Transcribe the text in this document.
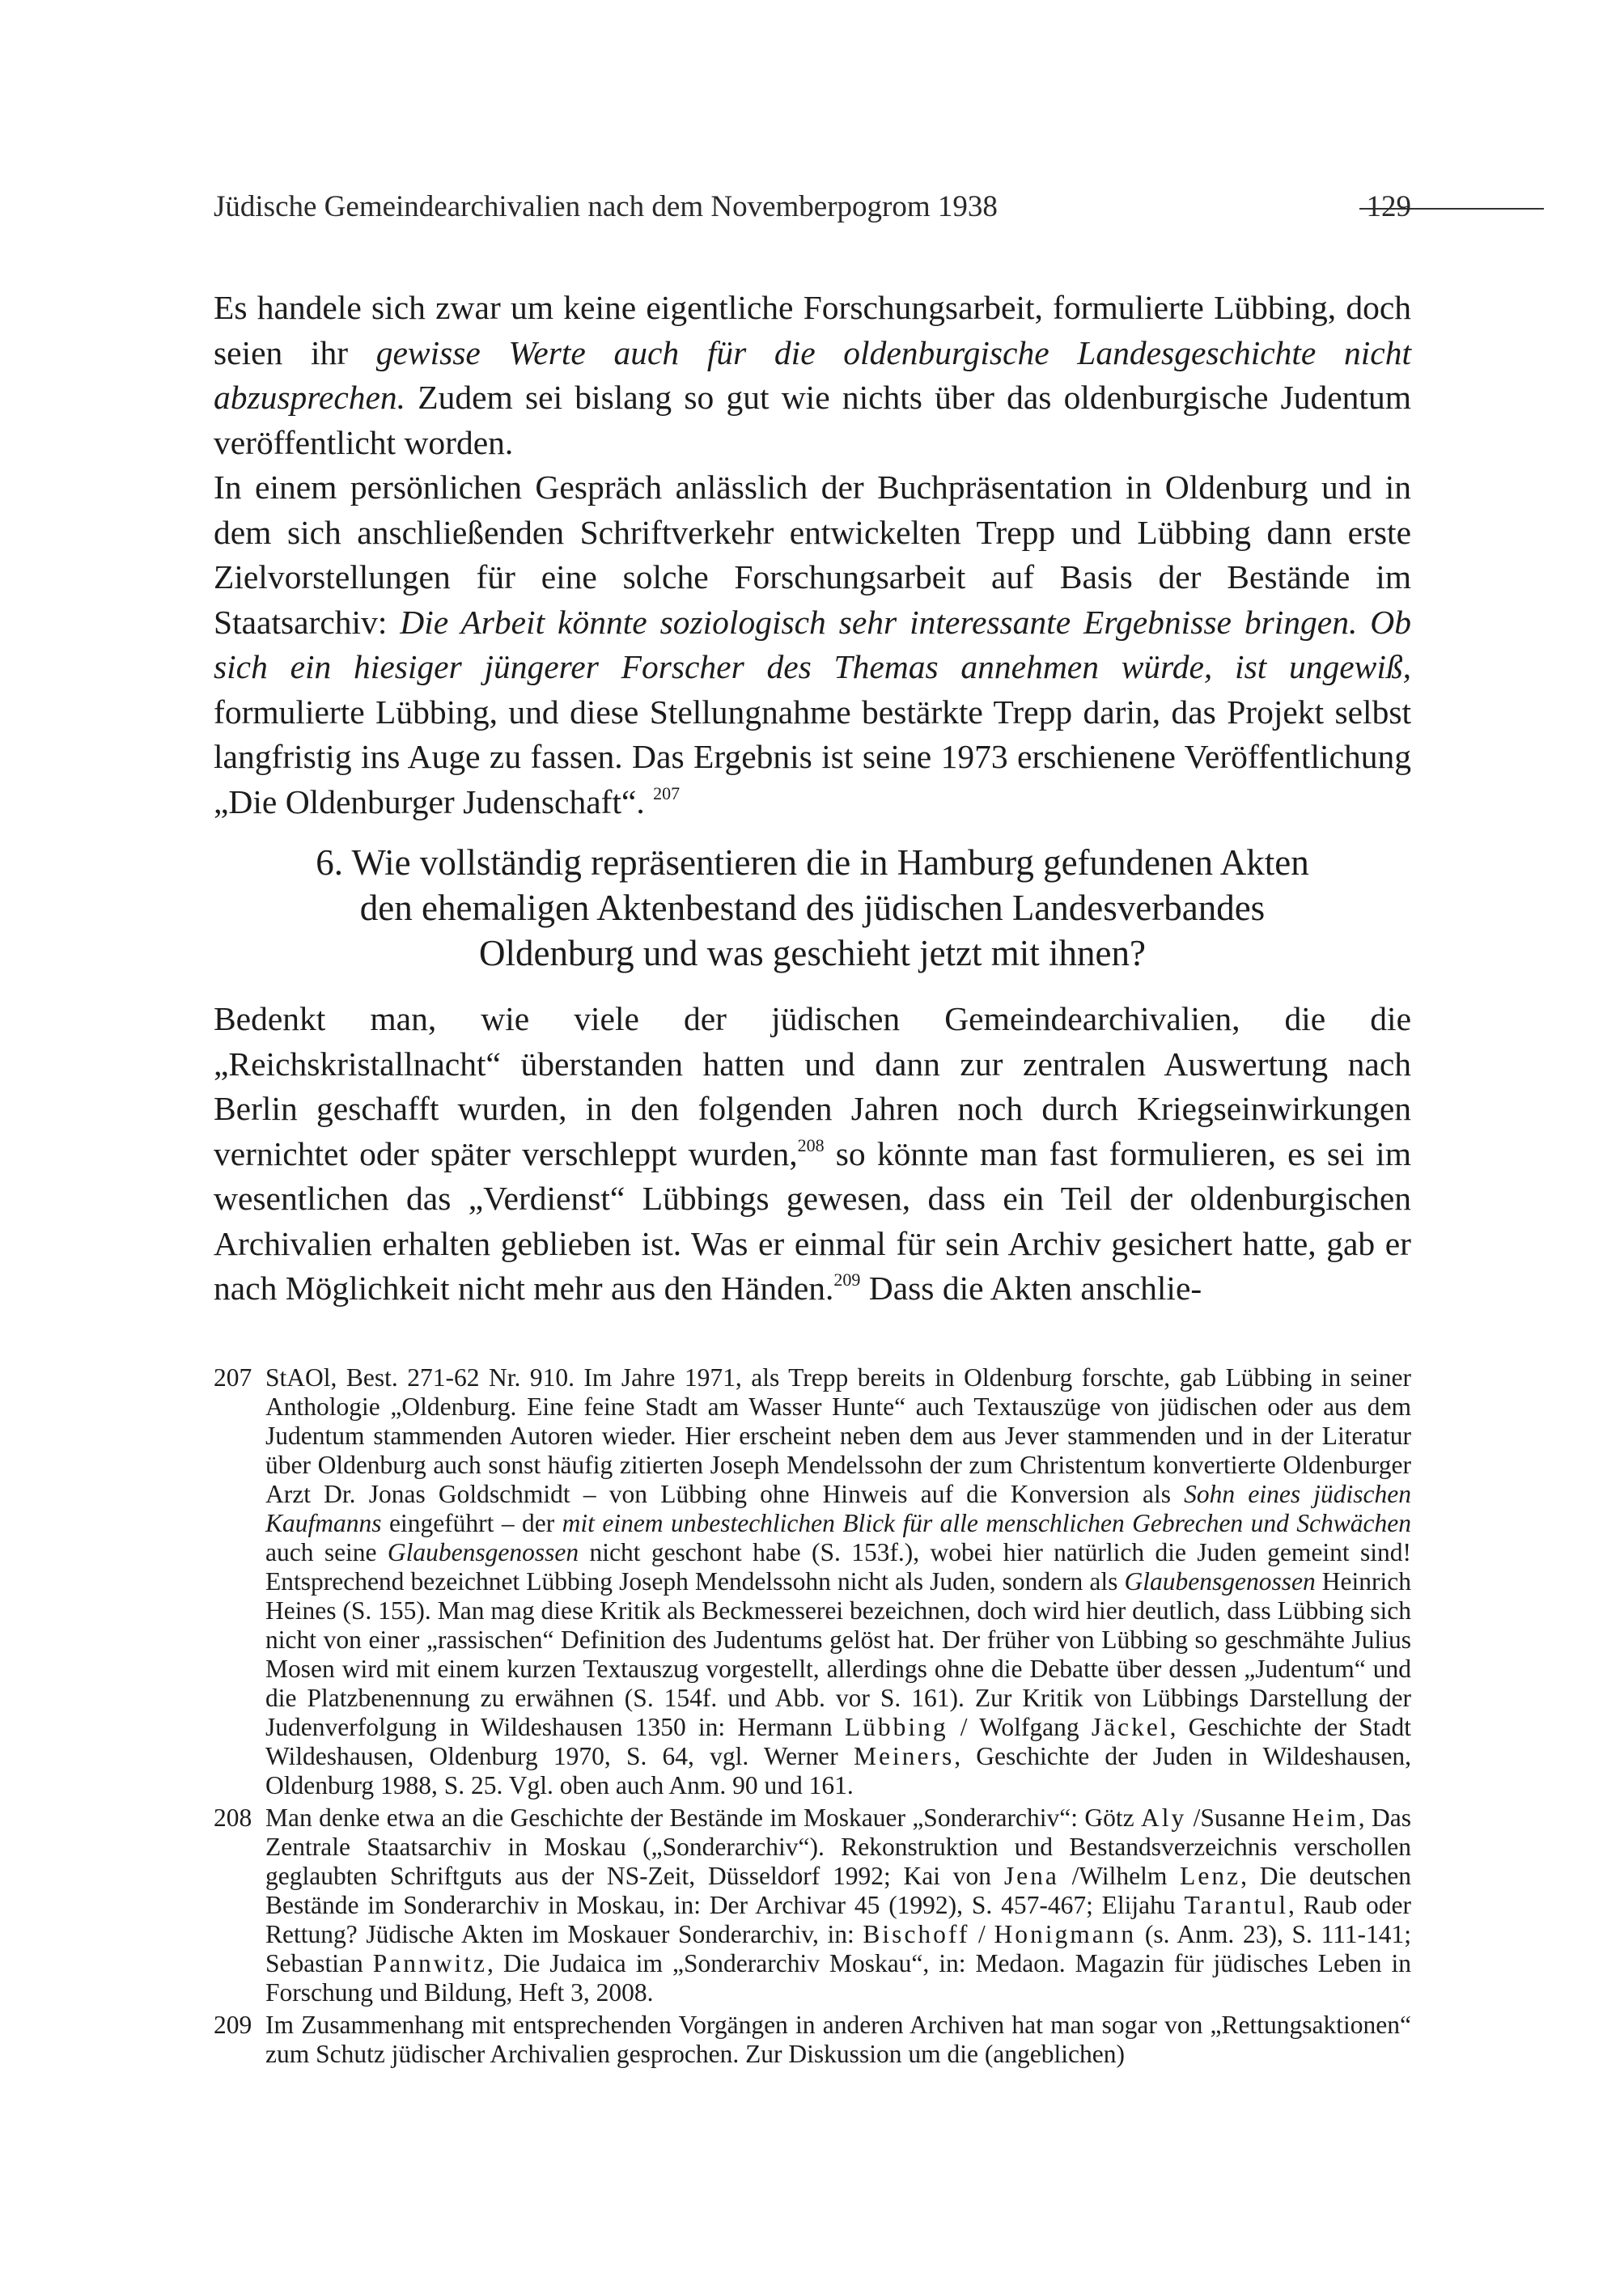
Jüdische Gemeindearchivalien nach dem Novemberpogrom 1938	129

Es handele sich zwar um keine eigentliche Forschungsarbeit, formulierte Lübbing, doch seien ihr gewisse Werte auch für die oldenburgische Landesgeschichte nicht abzusprechen. Zudem sei bislang so gut wie nichts über das oldenburgische Judentum veröffentlicht worden.

In einem persönlichen Gespräch anlässlich der Buchpräsentation in Oldenburg und in dem sich anschließenden Schriftverkehr entwickelten Trepp und Lübbing dann erste Zielvorstellungen für eine solche Forschungsarbeit auf Basis der Bestände im Staatsarchiv: Die Arbeit könnte soziologisch sehr interessante Ergebnisse bringen. Ob sich ein hiesiger jüngerer Forscher des Themas annehmen würde, ist ungewiß, formulierte Lübbing, und diese Stellungnahme bestärkte Trepp darin, das Projekt selbst langfristig ins Auge zu fassen. Das Ergebnis ist seine 1973 erschienene Veröffentlichung „Die Oldenburger Judenschaft“. $^{207}$

6. Wie vollständig repräsentieren die in Hamburg gefundenen Akten
den ehemaligen Aktenbestand des jüdischen Landesverbandes
Oldenburg und was geschieht jetzt mit ihnen?

Bedenkt man, wie viele der jüdischen Gemeindearchivalien, die die „Reichskristallnacht“ überstanden hatten und dann zur zentralen Auswertung nach Berlin geschafft wurden, in den folgenden Jahren noch durch Kriegseinwirkungen vernichtet oder später verschleppt wurden,$^{208}$ so könnte man fast formulieren, es sei im wesentlichen das „Verdienst“ Lübbings gewesen, dass ein Teil der oldenburgischen Archivalien erhalten geblieben ist. Was er einmal für sein Archiv gesichert hatte, gab er nach Möglichkeit nicht mehr aus den Händen.$^{209}$ Dass die Akten anschlie-

207 StAOl, Best. 271-62 Nr. 910. Im Jahre 1971, als Trepp bereits in Oldenburg forschte, gab Lübbing in seiner Anthologie „Oldenburg. Eine feine Stadt am Wasser Hunte“ auch Textauszüge von jüdischen oder aus dem Judentum stammenden Autoren wieder. Hier erscheint neben dem aus Jever stammenden und in der Literatur über Oldenburg auch sonst häufig zitierten Joseph Mendelssohn der zum Christentum konvertierte Oldenburger Arzt Dr. Jonas Goldschmidt – von Lübbing ohne Hinweis auf die Konversion als Sohn eines jüdischen Kaufmanns eingeführt – der mit einem unbestechlichen Blick für alle menschlichen Gebrechen und Schwächen auch seine Glaubensgenossen nicht geschont habe (S. 153f.), wobei hier natürlich die Juden gemeint sind! Entsprechend bezeichnet Lübbing Joseph Mendelssohn nicht als Juden, sondern als Glaubensgenossen Heinrich Heines (S. 155). Man mag diese Kritik als Beckmesserei bezeichnen, doch wird hier deutlich, dass Lübbing sich nicht von einer „rassischen“ Definition des Judentums gelöst hat. Der früher von Lübbing so geschmähte Julius Mosen wird mit einem kurzen Textauszug vorgestellt, allerdings ohne die Debatte über dessen „Judentum“ und die Platzbenennung zu erwähnen (S. 154f. und Abb. vor S. 161). Zur Kritik von Lübbings Darstellung der Judenverfolgung in Wildeshausen 1350 in: Hermann Lübbing / Wolfgang Jäckel, Geschichte der Stadt Wildeshausen, Oldenburg 1970, S. 64, vgl. Werner Meiners, Geschichte der Juden in Wildeshausen, Oldenburg 1988, S. 25. Vgl. oben auch Anm. 90 und 161.
208 Man denke etwa an die Geschichte der Bestände im Moskauer „Sonderarchiv“: Götz Aly /Susanne Heim, Das Zentrale Staatsarchiv in Moskau („Sonderarchiv“). Rekonstruktion und Bestandsverzeichnis verschollen geglaubten Schriftguts aus der NS-Zeit, Düsseldorf 1992; Kai von Jena /Wilhelm Lenz, Die deutschen Bestände im Sonderarchiv in Moskau, in: Der Archivar 45 (1992), S. 457-467; Elijahu Tarantul, Raub oder Rettung? Jüdische Akten im Moskauer Sonderarchiv, in: Bischoff / Honigmann (s. Anm. 23), S. 111-141; Sebastian Pannwitz, Die Judaica im „Sonderarchiv Moskau“, in: Medaon. Magazin für jüdisches Leben in Forschung und Bildung, Heft 3, 2008.
209 Im Zusammenhang mit entsprechenden Vorgängen in anderen Archiven hat man sogar von „Rettungsaktionen“ zum Schutz jüdischer Archivalien gesprochen. Zur Diskussion um die (angeblichen)
